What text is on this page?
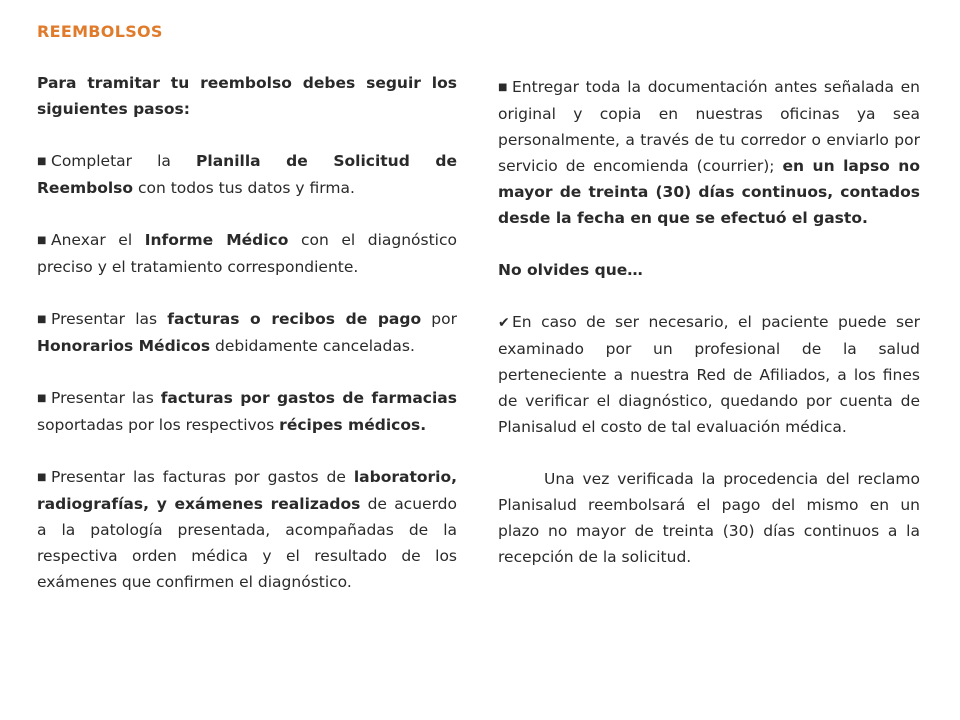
REEMBOLSOS

Para tramitar tu reembolso debes seguir los siguientes pasos:

■ Completar la Planilla de Solicitud de Reembolso con todos tus datos y firma.

■ Anexar el Informe Médico con el diagnóstico preciso y el tratamiento correspondiente.

■ Presentar las facturas o recibos de pago por Honorarios Médicos debidamente canceladas.

■ Presentar las facturas por gastos de farmacias soportadas por los respectivos récipes médicos.

■ Presentar las facturas por gastos de laboratorio, radiografías, y exámenes realizados de acuerdo a la patología presentada, acompañadas de la respectiva orden médica y el resultado de los exámenes que confirmen el diagnóstico.

■ Entregar toda la documentación antes señalada en original y copia en nuestras oficinas ya sea personalmente, a través de tu corredor o enviarlo por servicio de encomienda (courrier); en un lapso no mayor de treinta (30) días continuos, contados desde la fecha en que se efectuó el gasto.

No olvides que…

✔ En caso de ser necesario, el paciente puede ser examinado por un profesional de la salud perteneciente a nuestra Red de Afiliados, a los fines de verificar el diagnóstico, quedando por cuenta de Planisalud el costo de tal evaluación médica.

Una vez verificada la procedencia del reclamo Planisalud reembolsará el pago del mismo en un plazo no mayor de treinta (30) días continuos a la recepción de la solicitud.
